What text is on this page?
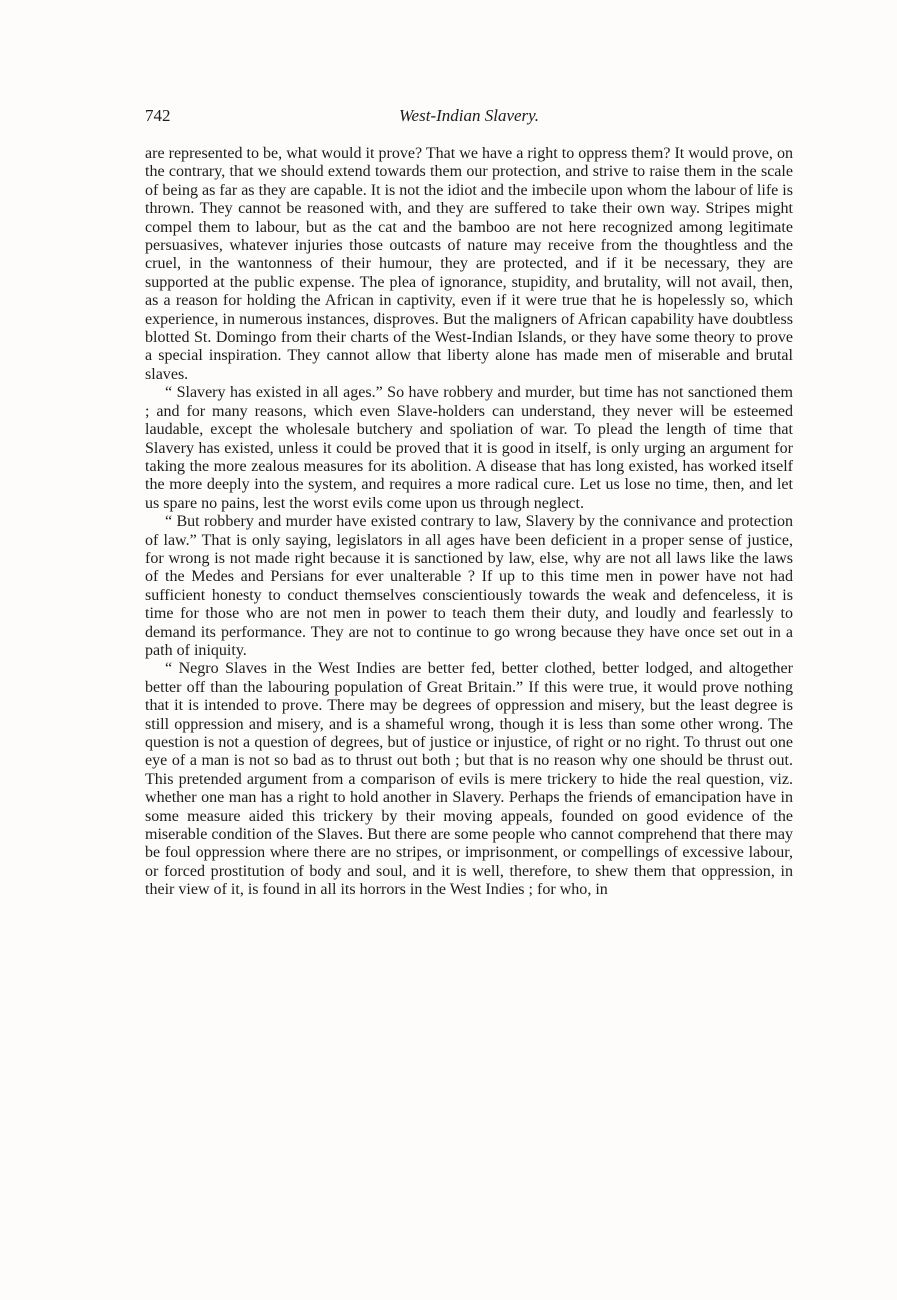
742	West-Indian Slavery.

are represented to be, what would it prove? That we have a right to oppress them? It would prove, on the contrary, that we should extend towards them our protection, and strive to raise them in the scale of being as far as they are capable. It is not the idiot and the imbecile upon whom the labour of life is thrown. They cannot be reasoned with, and they are suffered to take their own way. Stripes might compel them to labour, but as the cat and the bamboo are not here recognized among legitimate persuasives, whatever injuries those outcasts of nature may receive from the thoughtless and the cruel, in the wantonness of their humour, they are protected, and if it be necessary, they are supported at the public expense. The plea of ignorance, stupidity, and brutality, will not avail, then, as a reason for holding the African in captivity, even if it were true that he is hopelessly so, which experience, in numerous instances, disproves. But the maligners of African capability have doubtless blotted St. Domingo from their charts of the West-Indian Islands, or they have some theory to prove a special inspiration. They cannot allow that liberty alone has made men of miserable and brutal slaves.

“ Slavery has existed in all ages.” So have robbery and murder, but time has not sanctioned them ; and for many reasons, which even Slave-holders can understand, they never will be esteemed laudable, except the wholesale butchery and spoliation of war. To plead the length of time that Slavery has existed, unless it could be proved that it is good in itself, is only urging an argument for taking the more zealous measures for its abolition. A disease that has long existed, has worked itself the more deeply into the system, and requires a more radical cure. Let us lose no time, then, and let us spare no pains, lest the worst evils come upon us through neglect.

“ But robbery and murder have existed contrary to law, Slavery by the connivance and protection of law.” That is only saying, legislators in all ages have been deficient in a proper sense of justice, for wrong is not made right because it is sanctioned by law, else, why are not all laws like the laws of the Medes and Persians for ever unalterable ? If up to this time men in power have not had sufficient honesty to conduct themselves conscientiously towards the weak and defenceless, it is time for those who are not men in power to teach them their duty, and loudly and fearlessly to demand its performance. They are not to continue to go wrong because they have once set out in a path of iniquity.

“ Negro Slaves in the West Indies are better fed, better clothed, better lodged, and altogether better off than the labouring population of Great Britain.” If this were true, it would prove nothing that it is intended to prove. There may be degrees of oppression and misery, but the least degree is still oppression and misery, and is a shameful wrong, though it is less than some other wrong. The question is not a question of degrees, but of justice or injustice, of right or no right. To thrust out one eye of a man is not so bad as to thrust out both ; but that is no reason why one should be thrust out. This pretended argument from a comparison of evils is mere trickery to hide the real question, viz. whether one man has a right to hold another in Slavery. Perhaps the friends of emancipation have in some measure aided this trickery by their moving appeals, founded on good evidence of the miserable condition of the Slaves. But there are some people who cannot comprehend that there may be foul oppression where there are no stripes, or imprisonment, or compellings of excessive labour, or forced prostitution of body and soul, and it is well, therefore, to shew them that oppression, in their view of it, is found in all its horrors in the West Indies ; for who, in
